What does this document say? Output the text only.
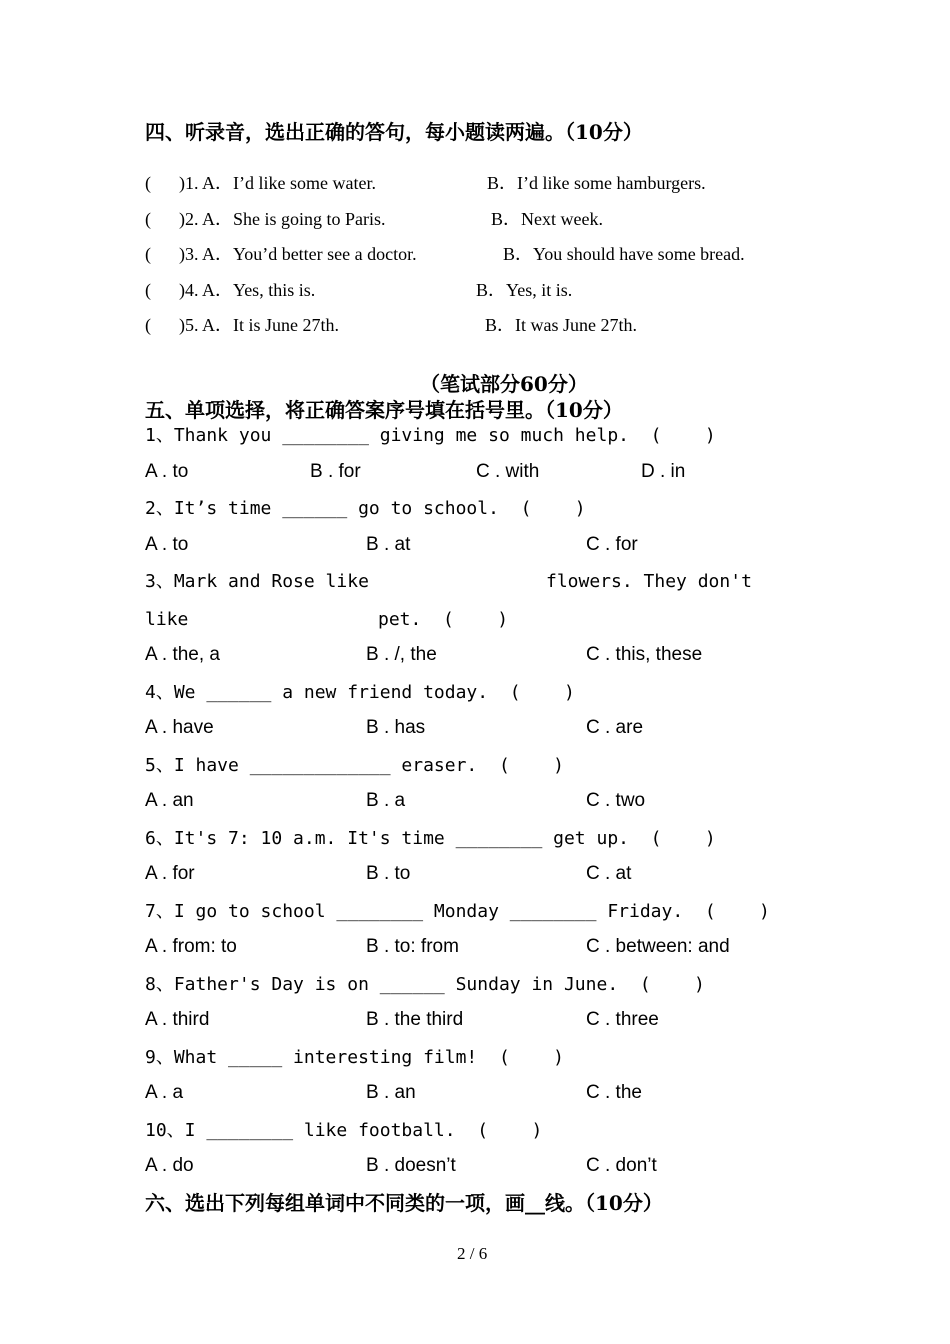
四、听录音，选出正确的答句，每小题读两遍。（10分）
( )1. A．I’d like some water.	B．I’d like some hamburgers.
( )2. A．She is going to Paris.	B．Next week.
( )3. A．You’d better see a doctor.	B．You should have some bread.
( )4. A．Yes, this is.	B．Yes, it is.
( )5. A．It is June 27th.	B．It was June 27th.
（笔试部分60分）
五、单项选择，将正确答案序号填在括号里。（10分）
1、Thank you ________ giving me so much help.  (    )
A . to	B . for	C . with	D . in
2、It’s time ______ go to school.  (    )
A . to	B . at	C . for
3、Mark and Rose like	flowers. They don't
like	pet.  (    )
A . the, a	B . /, the	C . this, these
4、We ______ a new friend today.  (    )
A . have	B . has	C . are
5、I have _____________ eraser.  (    )
A . an	B . a	C . two
6、It's 7: 10 a.m. It's time ________ get up.  (    )
A . for	B . to	C . at
7、I go to school ________ Monday ________ Friday.  (    )
A . from: to	B . to: from	C . between: and
8、Father's Day is on ______ Sunday in June.  (    )
A . third	B . the third	C . three
9、What _____ interesting film!  (    )
A . a	B . an	C . the
10、I ________ like football.  (    )
A . do	B . doesn’t	C . don’t
六、选出下列每组单词中不同类的一项，画__线。（10分）
2 / 6
